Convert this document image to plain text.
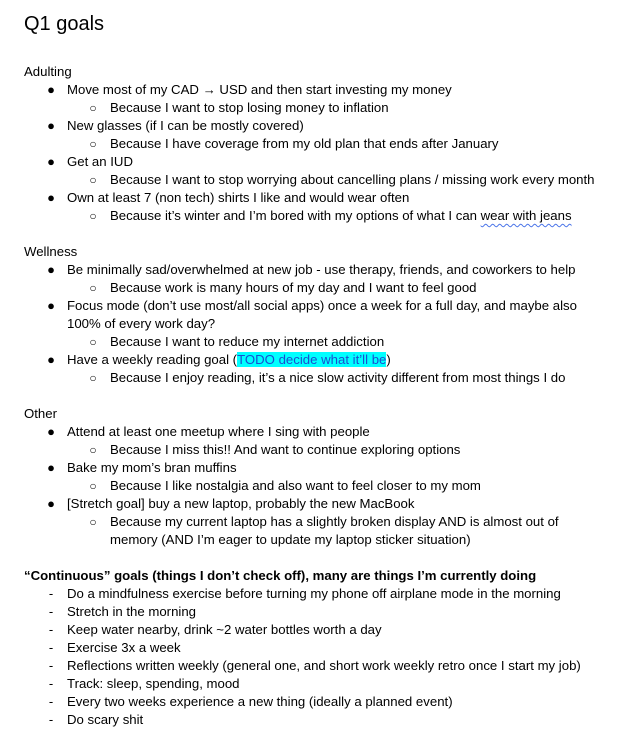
Q1 goals
Adulting
● Move most of my CAD → USD and then start investing my money
○ Because I want to stop losing money to inflation
● New glasses (if I can be mostly covered)
○ Because I have coverage from my old plan that ends after January
● Get an IUD
○ Because I want to stop worrying about cancelling plans / missing work every month
● Own at least 7 (non tech) shirts I like and would wear often
○ Because it’s winter and I’m bored with my options of what I can wear with jeans
Wellness
● Be minimally sad/overwhelmed at new job - use therapy, friends, and coworkers to help
○ Because work is many hours of my day and I want to feel good
● Focus mode (don’t use most/all social apps) once a week for a full day, and maybe also
100% of every work day?
○ Because I want to reduce my internet addiction
● Have a weekly reading goal (TODO decide what it’ll be)
○ Because I enjoy reading, it’s a nice slow activity different from most things I do
Other
● Attend at least one meetup where I sing with people
○ Because I miss this!! And want to continue exploring options
● Bake my mom’s bran muffins
○ Because I like nostalgia and also want to feel closer to my mom
● [Stretch goal] buy a new laptop, probably the new MacBook
○ Because my current laptop has a slightly broken display AND is almost out of
memory (AND I’m eager to update my laptop sticker situation)
“Continuous” goals (things I don’t check off), many are things I’m currently doing
- Do a mindfulness exercise before turning my phone off airplane mode in the morning
- Stretch in the morning
- Keep water nearby, drink ~2 water bottles worth a day
- Exercise 3x a week
- Reflections written weekly (general one, and short work weekly retro once I start my job)
- Track: sleep, spending, mood
- Every two weeks experience a new thing (ideally a planned event)
- Do scary shit
